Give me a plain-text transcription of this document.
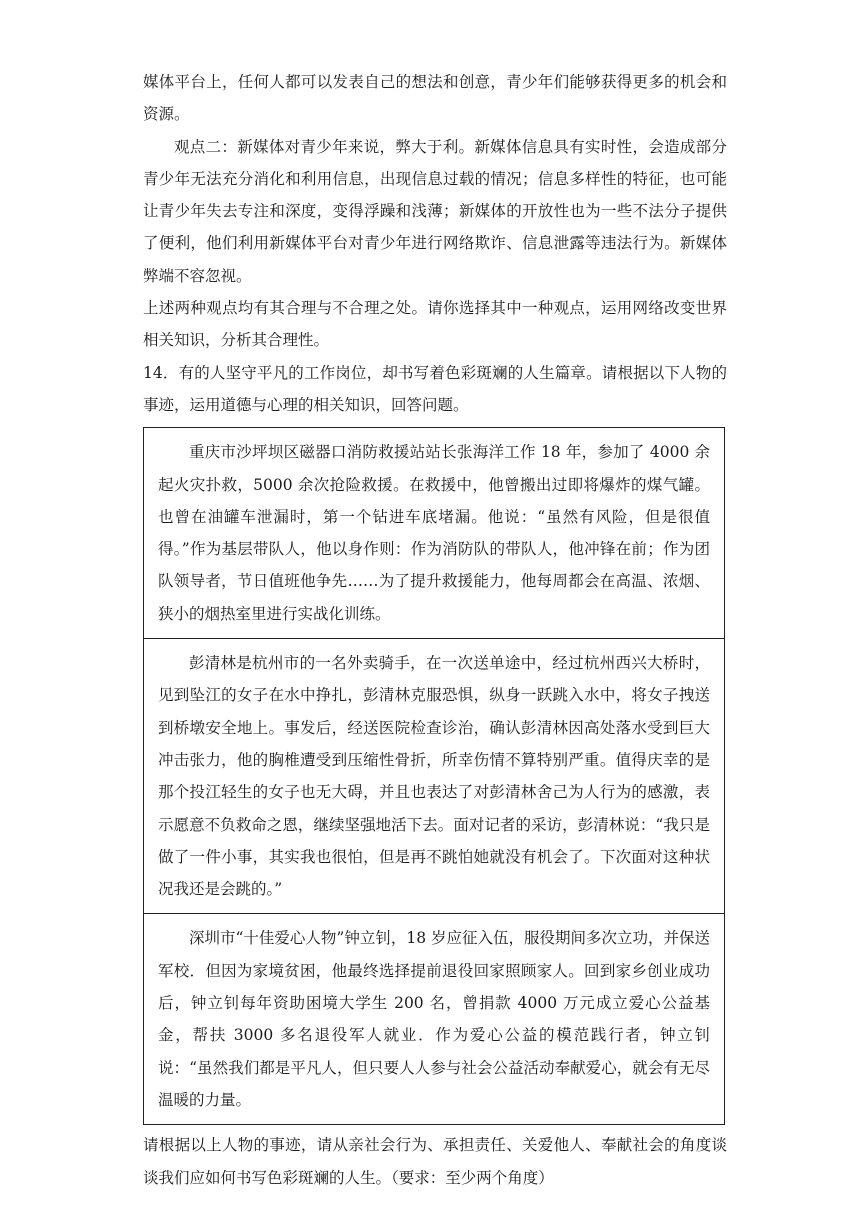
媒体平台上，任何人都可以发表自己的想法和创意，青少年们能够获得更多的机会和资源。

观点二：新媒体对青少年来说，弊大于利。新媒体信息具有实时性，会造成部分青少年无法充分消化和利用信息，出现信息过载的情况；信息多样性的特征，也可能让青少年失去专注和深度，变得浮躁和浅薄；新媒体的开放性也为一些不法分子提供了便利，他们利用新媒体平台对青少年进行网络欺诈、信息泄露等违法行为。新媒体弊端不容忽视。

上述两种观点均有其合理与不合理之处。请你选择其中一种观点，运用网络改变世界相关知识，分析其合理性。

14．有的人坚守平凡的工作岗位，却书写着色彩斑斓的人生篇章。请根据以下人物的事迹，运用道德与心理的相关知识，回答问题。

重庆市沙坪坝区磁器口消防救援站站长张海洋工作 18 年，参加了 4000 余起火灾扑救，5000 余次抢险救援。在救援中，他曾搬出过即将爆炸的煤气罐。也曾在油罐车泄漏时，第一个钻进车底堵漏。他说：“虽然有风险，但是很值得。”作为基层带队人，他以身作则：作为消防队的带队人，他冲锋在前；作为团队领导者，节日值班他争先……为了提升救援能力，他每周都会在高温、浓烟、狭小的烟热室里进行实战化训练。

彭清林是杭州市的一名外卖骑手，在一次送单途中，经过杭州西兴大桥时，见到坠江的女子在水中挣扎，彭清林克服恐惧，纵身一跃跳入水中，将女子拽送到桥墩安全地上。事发后，经送医院检查诊治，确认彭清林因高处落水受到巨大冲击张力，他的胸椎遭受到压缩性骨折，所幸伤情不算特别严重。值得庆幸的是那个投江轻生的女子也无大碍，并且也表达了对彭清林舍己为人行为的感激，表示愿意不负救命之恩，继续坚强地活下去。面对记者的采访，彭清林说：“我只是做了一件小事，其实我也很怕，但是再不跳怕她就没有机会了。下次面对这种状况我还是会跳的。”

深圳市“十佳爱心人物”钟立钊，18 岁应征入伍，服役期间多次立功，并保送军校．但因为家境贫困，他最终选择提前退役回家照顾家人。回到家乡创业成功后，钟立钊每年资助困境大学生 200 名，曾捐款 4000 万元成立爱心公益基金，帮扶 3000 多名退役军人就业．作为爱心公益的模范践行者，钟立钊说：“虽然我们都是平凡人，但只要人人参与社会公益活动奉献爱心，就会有无尽温暖的力量。

请根据以上人物的事迹，请从亲社会行为、承担责任、关爱他人、奉献社会的角度谈谈我们应如何书写色彩斑斓的人生。（要求：至少两个角度）
